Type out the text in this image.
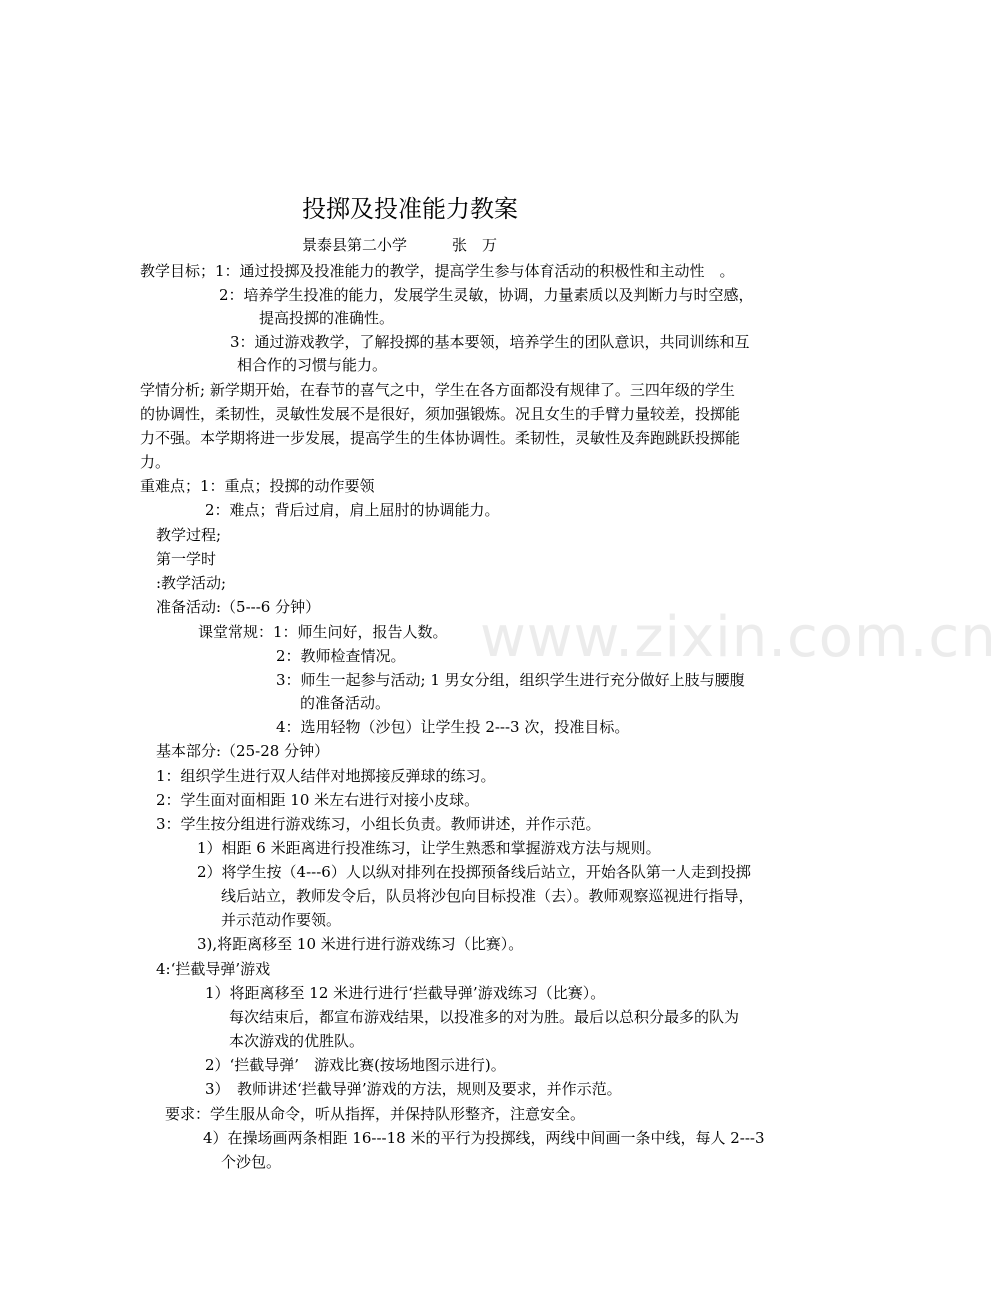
www.zixin.com.cn
投掷及投准能力教案
景泰县第二小学　　　张　万
教学目标；1：通过投掷及投准能力的教学，提高学生参与体育活动的积极性和主动性　。
2：培养学生投准的能力，发展学生灵敏，协调，力量素质以及判断力与时空感，
提高投掷的准确性。
3：通过游戏教学，了解投掷的基本要领，培养学生的团队意识，共同训练和互
相合作的习惯与能力。
学情分析; 新学期开始，在春节的喜气之中，学生在各方面都没有规律了。三四年级的学生
的协调性，柔韧性，灵敏性发展不是很好，须加强锻炼。况且女生的手臂力量较差，投掷能
力不强。本学期将进一步发展，提高学生的生体协调性。柔韧性，灵敏性及奔跑跳跃投掷能
力。
重难点；1：重点；投掷的动作要领
2：难点；背后过肩，肩上屈肘的协调能力。
教学过程;
第一学时
:教学活动;
准备活动:（5---6 分钟）
课堂常规：1：师生问好，报告人数。
2：教师检查情况。
3：师生一起参与活动; 1 男女分组，组织学生进行充分做好上肢与腰腹
的准备活动。
4：选用轻物（沙包）让学生投 2---3 次，投准目标。
基本部分:（25-28 分钟）
1：组织学生进行双人结伴对地掷接反弹球的练习。
2：学生面对面相距 10 米左右进行对接小皮球。
3：学生按分组进行游戏练习，小组长负责。教师讲述，并作示范。
1）相距 6 米距离进行投准练习，让学生熟悉和掌握游戏方法与规则。
2）将学生按（4---6）人以纵对排列在投掷预备线后站立，开始各队第一人走到投掷
线后站立，教师发令后，队员将沙包向目标投准（去）。教师观察巡视进行指导，
并示范动作要领。
3),将距离移至 10 米进行进行游戏练习（比赛）。
4:‘拦截导弹’游戏
1）将距离移至 12 米进行进行‘拦截导弹’游戏练习（比赛）。
每次结束后，都宣布游戏结果，以投准多的对为胜。最后以总积分最多的队为
本次游戏的优胜队。
2）‘拦截导弹’　游戏比赛(按场地图示进行)。
3）　教师讲述‘拦截导弹’游戏的方法，规则及要求，并作示范。
要求：学生服从命令，听从指挥，并保持队形整齐，注意安全。
4）在操场画两条相距 16---18 米的平行为投掷线，两线中间画一条中线，每人 2---3
个沙包。
